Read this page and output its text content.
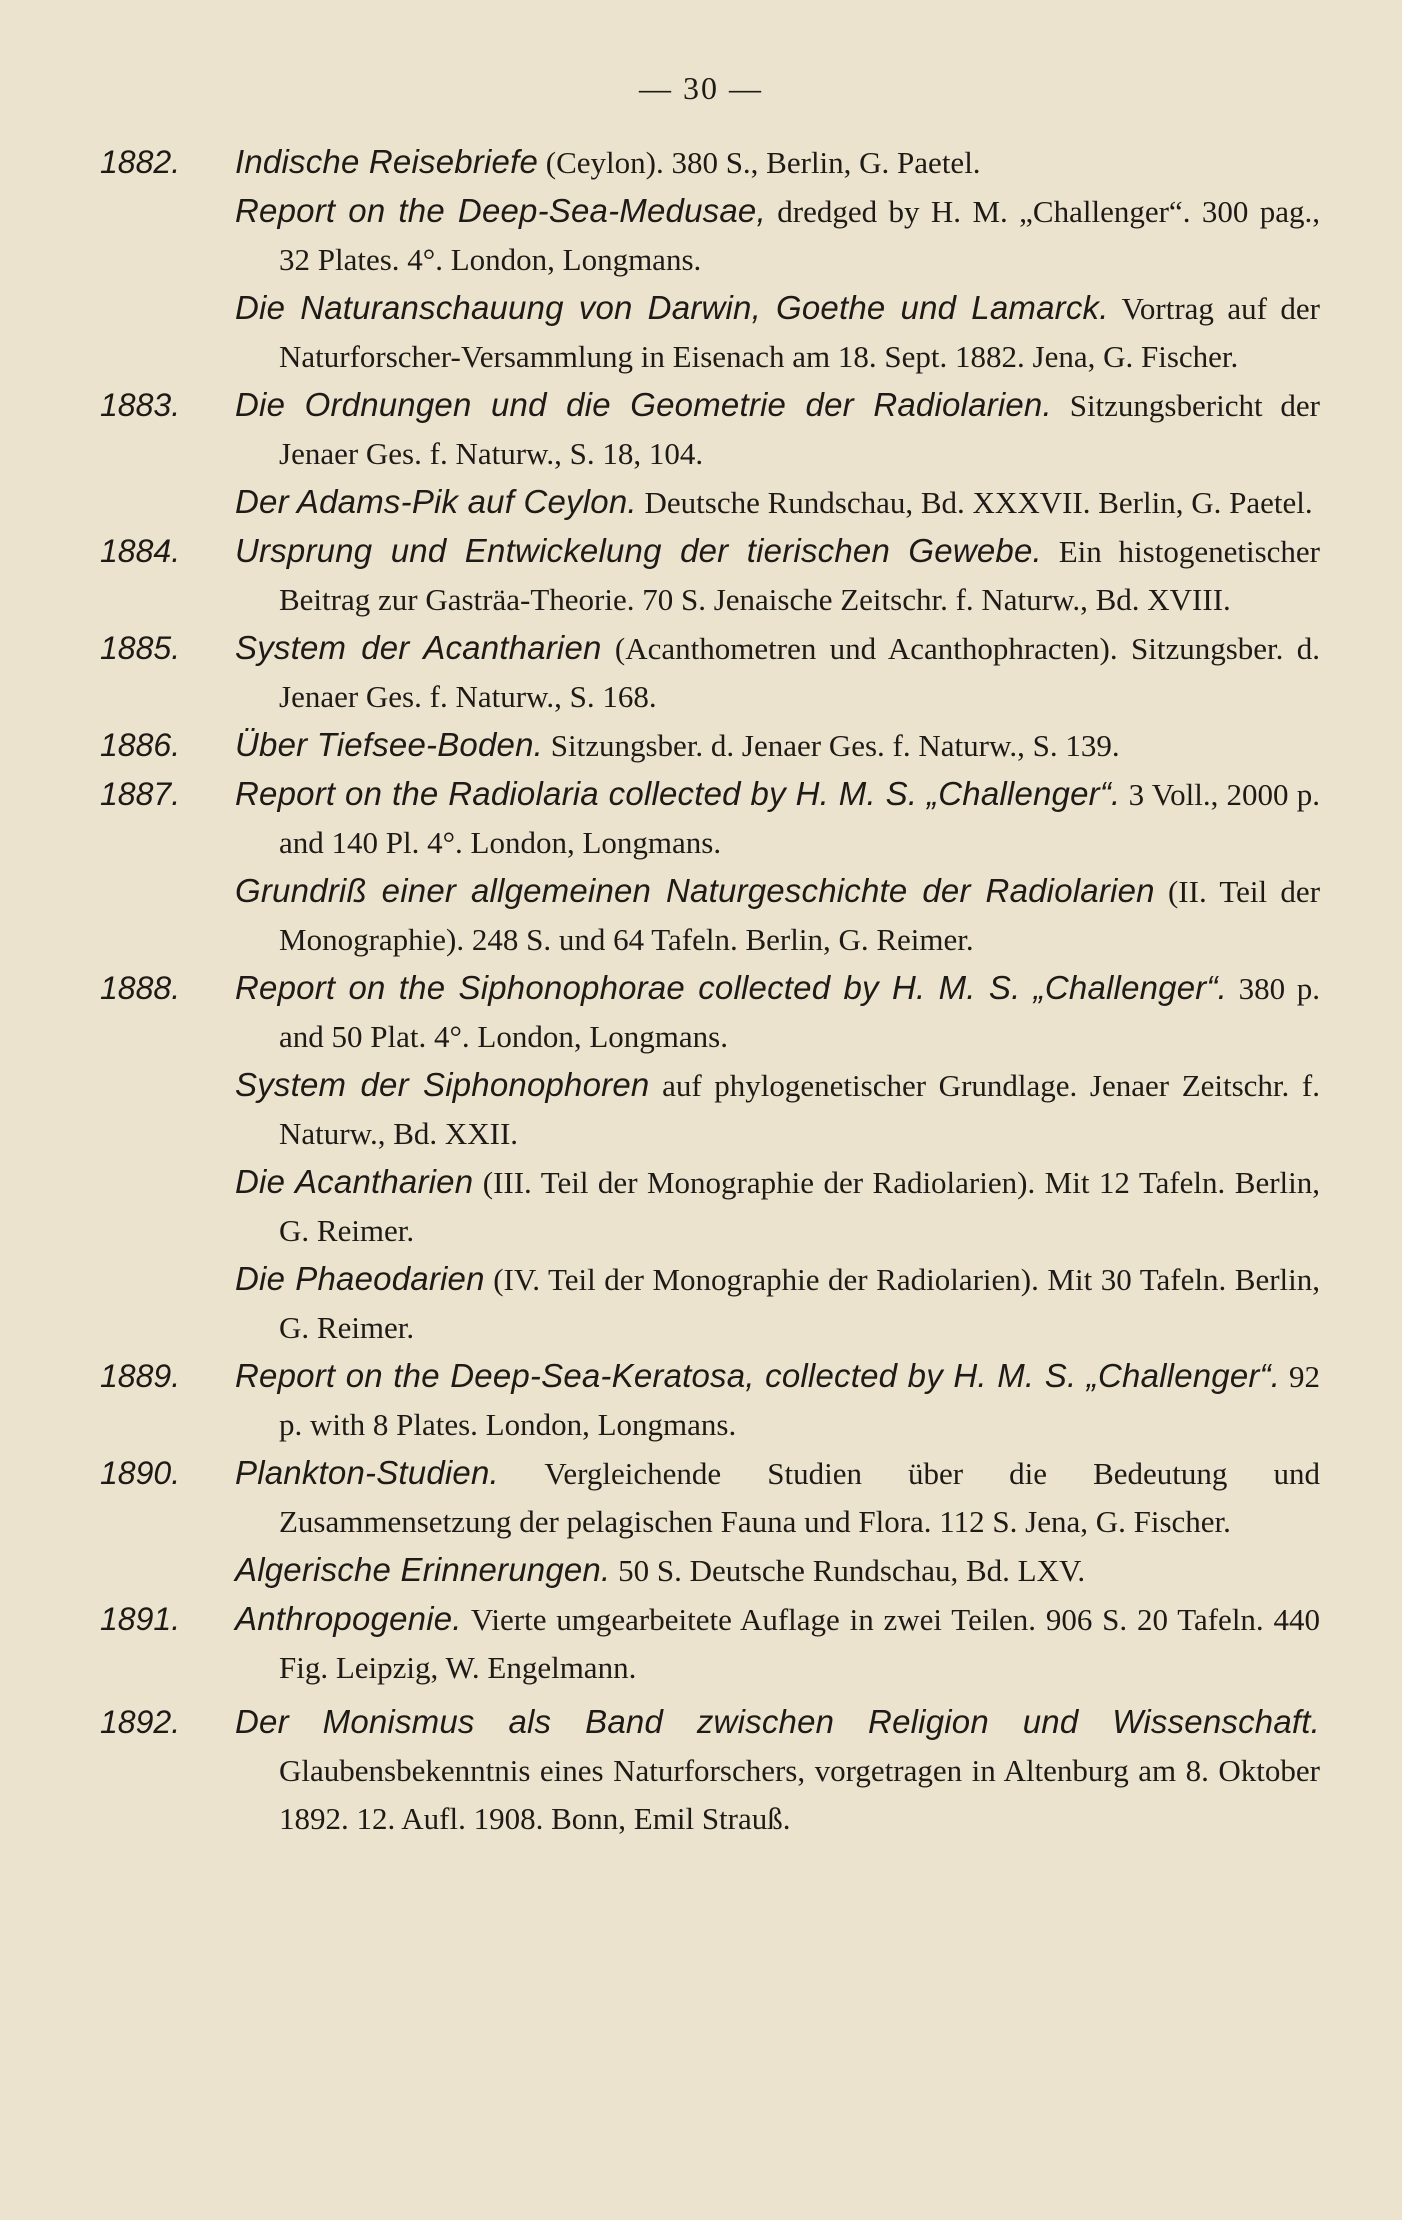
— 30 —
1882. Indische Reisebriefe (Ceylon). 380 S., Berlin, G. Paetel.
Report on the Deep-Sea-Medusae, dredged by H. M. „Challenger“. 300 pag., 32 Plates. 4°. London, Longmans.
Die Naturanschauung von Darwin, Goethe und Lamarck. Vortrag auf der Naturforscher-Versammlung in Eisenach am 18. Sept. 1882. Jena, G. Fischer.
1883. Die Ordnungen und die Geometrie der Radiolarien. Sitzungsbericht der Jenaer Ges. f. Naturw., S. 18, 104.
Der Adams-Pik auf Ceylon. Deutsche Rundschau, Bd. XXXVII. Berlin, G. Paetel.
1884. Ursprung und Entwickelung der tierischen Gewebe. Ein histogenetischer Beitrag zur Gasträa-Theorie. 70 S. Jenaische Zeitschr. f. Naturw., Bd. XVIII.
1885. System der Acantharien (Acanthometren und Acanthophracten). Sitzungsber. d. Jenaer Ges. f. Naturw., S. 168.
1886. Über Tiefsee-Boden. Sitzungsber. d. Jenaer Ges. f. Naturw., S. 139.
1887. Report on the Radiolaria collected by H. M. S. „Challenger“. 3 Voll., 2000 p. and 140 Pl. 4°. London, Longmans.
Grundriß einer allgemeinen Naturgeschichte der Radiolarien (II. Teil der Monographie). 248 S. und 64 Tafeln. Berlin, G. Reimer.
1888. Report on the Siphonophorae collected by H. M. S. „Challenger“. 380 p. and 50 Plat. 4°. London, Longmans.
System der Siphonophoren auf phylogenetischer Grundlage. Jenaer Zeitschr. f. Naturw., Bd. XXII.
Die Acantharien (III. Teil der Monographie der Radiolarien). Mit 12 Tafeln. Berlin, G. Reimer.
Die Phaeodarien (IV. Teil der Monographie der Radiolarien). Mit 30 Tafeln. Berlin, G. Reimer.
1889. Report on the Deep-Sea-Keratosa, collected by H. M. S. „Challenger“. 92 p. with 8 Plates. London, Longmans.
1890. Plankton-Studien. Vergleichende Studien über die Bedeutung und Zusammensetzung der pelagischen Fauna und Flora. 112 S. Jena, G. Fischer.
Algerische Erinnerungen. 50 S. Deutsche Rundschau, Bd. LXV.
1891. Anthropogenie. Vierte umgearbeitete Auflage in zwei Teilen. 906 S. 20 Tafeln. 440 Fig. Leipzig, W. Engelmann.
1892. Der Monismus als Band zwischen Religion und Wissenschaft. Glaubensbekenntnis eines Naturforschers, vorgetragen in Altenburg am 8. Oktober 1892. 12. Aufl. 1908. Bonn, Emil Strauß.
